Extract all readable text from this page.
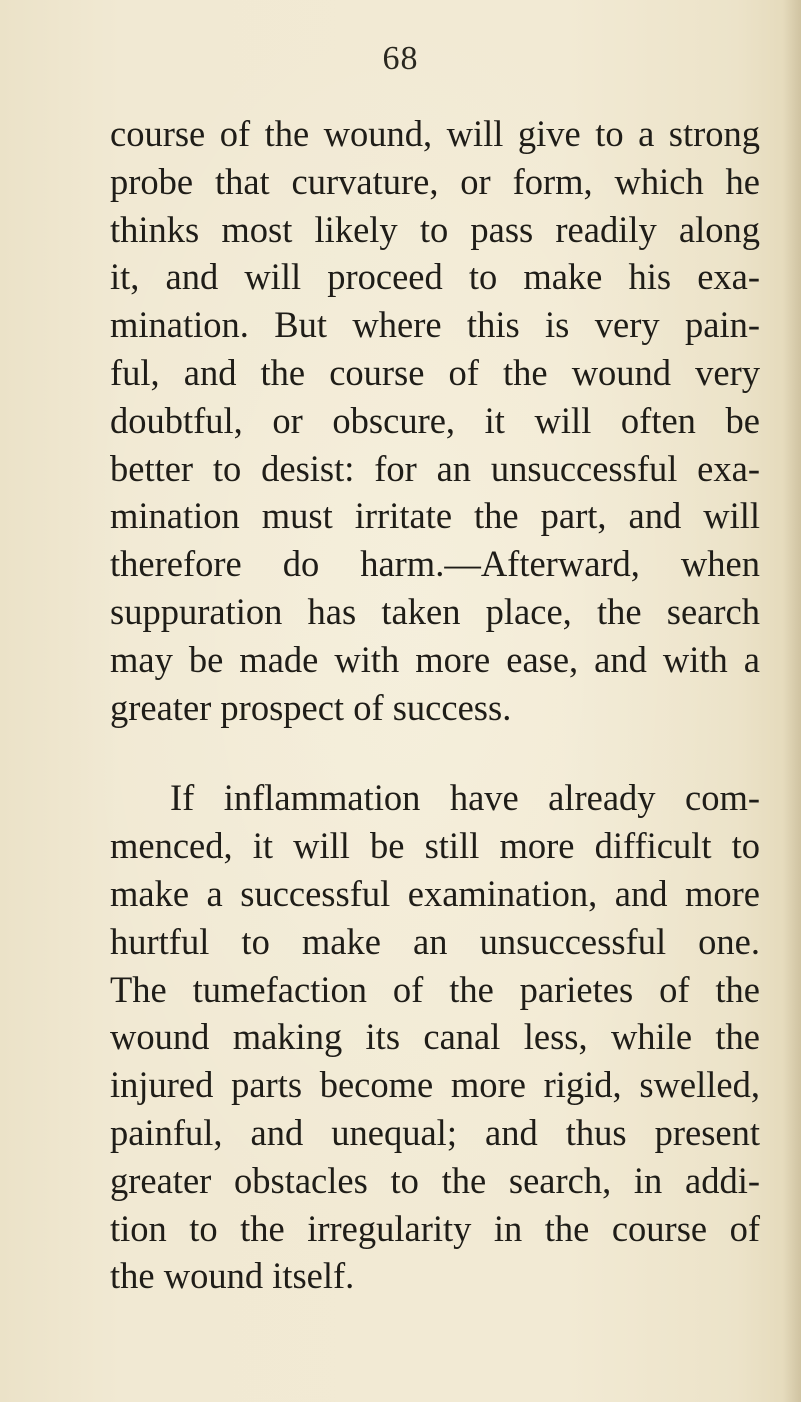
68
course of the wound, will give to a strong
probe that curvature, or form, which he
thinks most likely to pass readily along
it, and will proceed to make his exa-
mination. But where this is very pain-
ful, and the course of the wound very
doubtful, or obscure, it will often be
better to desist: for an unsuccessful exa-
mination must irritate the part, and will
therefore do harm.—Afterward, when
suppuration has taken place, the search
may be made with more ease, and with a
greater prospect of success.
If inflammation have already com-
menced, it will be still more difficult to
make a successful examination, and more
hurtful to make an unsuccessful one.
The tumefaction of the parietes of the
wound making its canal less, while the
injured parts become more rigid, swelled,
painful, and unequal; and thus present
greater obstacles to the search, in addi-
tion to the irregularity in the course of
the wound itself.
